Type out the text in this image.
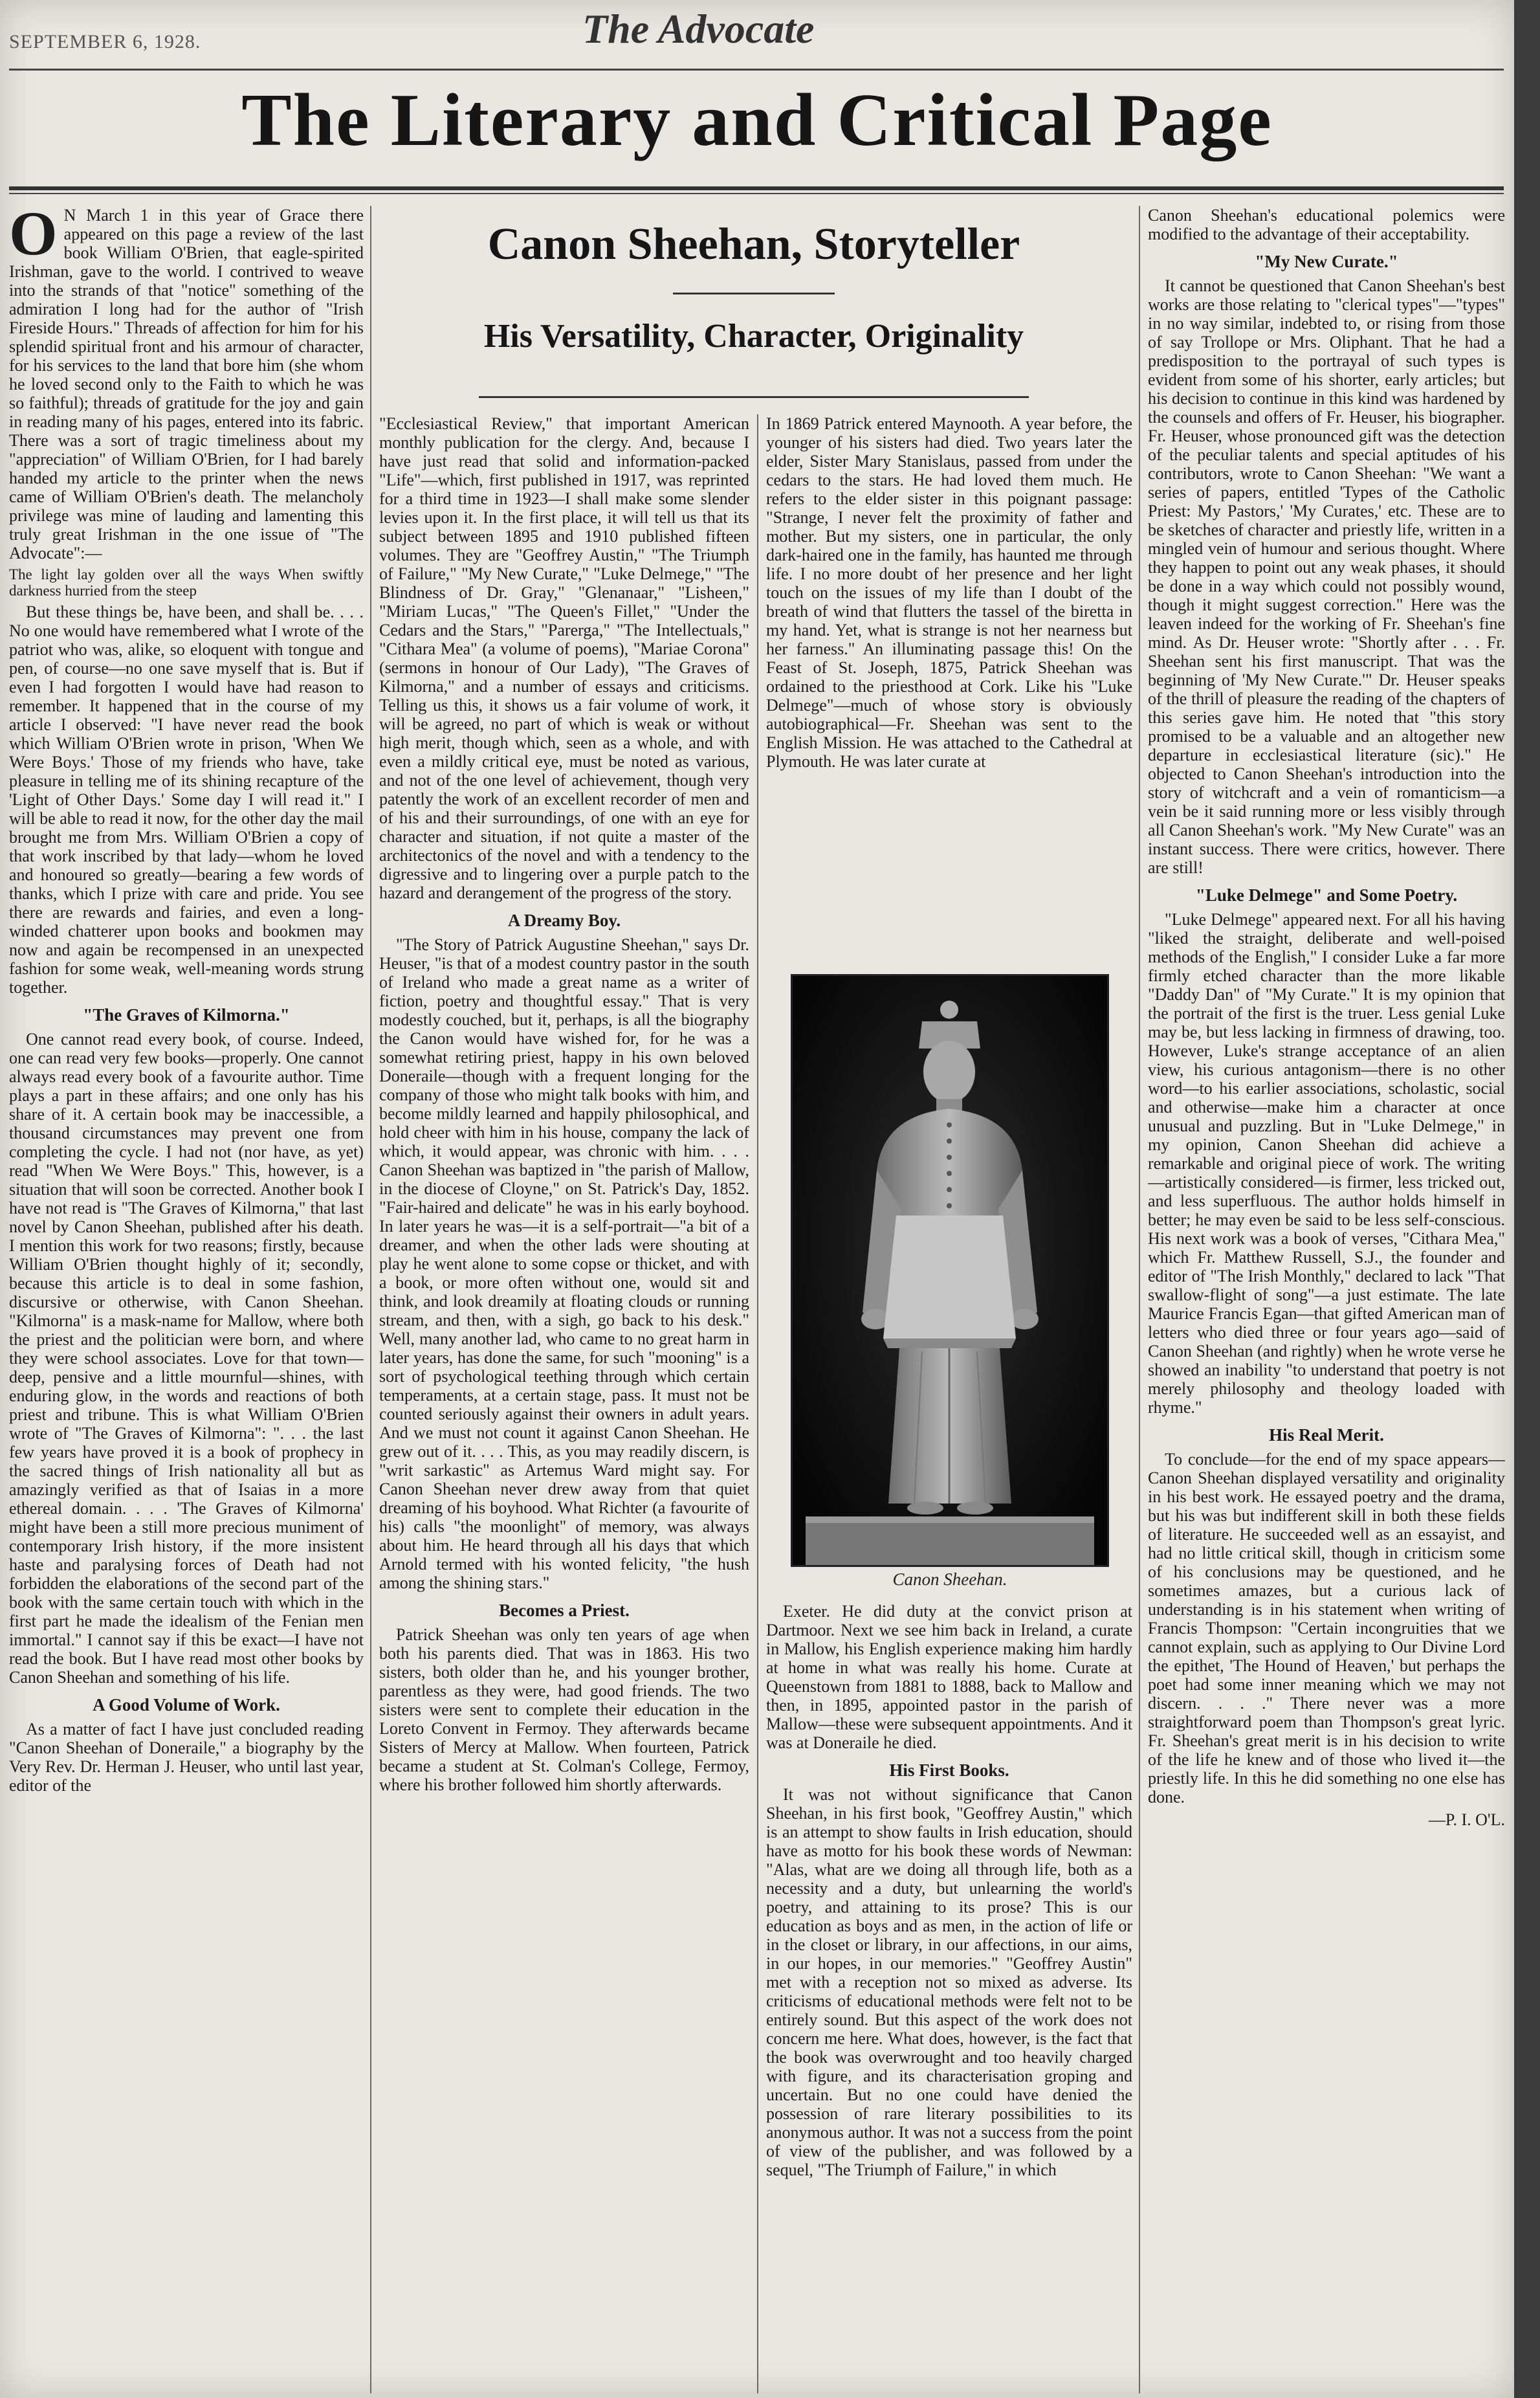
SEPTEMBER 6, 1928.	The Advocate
The Literary and Critical Page
Canon Sheehan, Storyteller
His Versatility, Character, Originality

O N March 1 in this year of Grace there appeared on this page a review of the last book William O'Brien, that eagle-spirited Irishman, gave to the world. I contrived to weave into the strands of that "notice" something of the admiration I long had for the author of "Irish Fireside Hours." Threads of affection for him for his splendid spiritual front and his armour of character, for his services to the land that bore him (she whom he loved second only to the Faith to which he was so faithful); threads of gratitude for the joy and gain in reading many of his pages, entered into its fabric. There was a sort of tragic timeliness about my "appreciation" of William O'Brien, for I had barely handed my article to the printer when the news came of William O'Brien's death. The melancholy privilege was mine of lauding and lamenting this truly great Irishman in the one issue of "The Advocate":—

The light lay golden over all the ways When swiftly darkness hurried from the steep

But these things be, have been, and shall be. . . . No one would have remembered what I wrote of the patriot who was, alike, so eloquent with tongue and pen, of course—no one save myself that is. But if even I had forgotten I would have had reason to remember. It happened that in the course of my article I observed: "I have never read the book which William O'Brien wrote in prison, 'When We Were Boys.' Those of my friends who have, take pleasure in telling me of its shining recapture of the 'Light of Other Days.' Some day I will read it." I will be able to read it now, for the other day the mail brought me from Mrs. William O'Brien a copy of that work inscribed by that lady—whom he loved and honoured so greatly—bearing a few words of thanks, which I prize with care and pride. You see there are rewards and fairies, and even a long-winded chatterer upon books and bookmen may now and again be recompensed in an unexpected fashion for some weak, well-meaning words strung together.

"The Graves of Kilmorna."

One cannot read every book, of course. Indeed, one can read very few books—properly. One cannot always read every book of a favourite author. Time plays a part in these affairs; and one only has his share of it. A certain book may be inaccessible, a thousand circumstances may prevent one from completing the cycle. I had not (nor have, as yet) read "When We Were Boys." This, however, is a situation that will soon be corrected. Another book I have not read is "The Graves of Kilmorna," that last novel by Canon Sheehan, published after his death. I mention this work for two reasons; firstly, because William O'Brien thought highly of it; secondly, because this article is to deal in some fashion, discursive or otherwise, with Canon Sheehan. "Kilmorna" is a mask-name for Mallow, where both the priest and the politician were born, and where they were school associates. Love for that town—deep, pensive and a little mournful—shines, with enduring glow, in the words and reactions of both priest and tribune. This is what William O'Brien wrote of "The Graves of Kilmorna": ". . . the last few years have proved it is a book of prophecy in the sacred things of Irish nationality all but as amazingly verified as that of Isaias in a more ethereal domain. . . . 'The Graves of Kilmorna' might have been a still more precious muniment of contemporary Irish history, if the more insistent haste and paralysing forces of Death had not forbidden the elaborations of the second part of the book with the same certain touch with which in the first part he made the idealism of the Fenian men immortal." I cannot say if this be exact—I have not read the book. But I have read most other books by Canon Sheehan and something of his life.

A Good Volume of Work.

As a matter of fact I have just concluded reading "Canon Sheehan of Doneraile," a biography by the Very Rev. Dr. Herman J. Heuser, who until last year, editor of the

"Ecclesiastical Review," that important American monthly publication for the clergy. And, because I have just read that solid and information-packed "Life"—which, first published in 1917, was reprinted for a third time in 1923—I shall make some slender levies upon it. In the first place, it will tell us that its subject between 1895 and 1910 published fifteen volumes. They are "Geoffrey Austin," "The Triumph of Failure," "My New Curate," "Luke Delmege," "The Blindness of Dr. Gray," "Glenanaar," "Lisheen," "Miriam Lucas," "The Queen's Fillet," "Under the Cedars and the Stars," "Parerga," "The Intellectuals," "Cithara Mea" (a volume of poems), "Mariae Corona" (sermons in honour of Our Lady), "The Graves of Kilmorna," and a number of essays and criticisms. Telling us this, it shows us a fair volume of work, it will be agreed, no part of which is weak or without high merit, though which, seen as a whole, and with even a mildly critical eye, must be noted as various, and not of the one level of achievement, though very patently the work of an excellent recorder of men and of his and their surroundings, of one with an eye for character and situation, if not quite a master of the architectonics of the novel and with a tendency to the digressive and to lingering over a purple patch to the hazard and derangement of the progress of the story.

A Dreamy Boy.

"The Story of Patrick Augustine Sheehan," says Dr. Heuser, "is that of a modest country pastor in the south of Ireland who made a great name as a writer of fiction, poetry and thoughtful essay." That is very modestly couched, but it, perhaps, is all the biography the Canon would have wished for, for he was a somewhat retiring priest, happy in his own beloved Doneraile—though with a frequent longing for the company of those who might talk books with him, and become mildly learned and happily philosophical, and hold cheer with him in his house, company the lack of which, it would appear, was chronic with him. . . . Canon Sheehan was baptized in "the parish of Mallow, in the diocese of Cloyne," on St. Patrick's Day, 1852. "Fair-haired and delicate" he was in his early boyhood. In later years he was—it is a self-portrait—"a bit of a dreamer, and when the other lads were shouting at play he went alone to some copse or thicket, and with a book, or more often without one, would sit and think, and look dreamily at floating clouds or running stream, and then, with a sigh, go back to his desk." Well, many another lad, who came to no great harm in later years, has done the same, for such "mooning" is a sort of psychological teething through which certain temperaments, at a certain stage, pass. It must not be counted seriously against their owners in adult years. And we must not count it against Canon Sheehan. He grew out of it. . . . This, as you may readily discern, is "writ sarkastic" as Artemus Ward might say. For Canon Sheehan never drew away from that quiet dreaming of his boyhood. What Richter (a favourite of his) calls "the moonlight" of memory, was always about him. He heard through all his days that which Arnold termed with his wonted felicity, "the hush among the shining stars."

Becomes a Priest.

Patrick Sheehan was only ten years of age when both his parents died. That was in 1863. His two sisters, both older than he, and his younger brother, parentless as they were, had good friends. The two sisters were sent to complete their education in the Loreto Convent in Fermoy. They afterwards became Sisters of Mercy at Mallow. When fourteen, Patrick became a student at St. Colman's College, Fermoy, where his brother followed him shortly afterwards.

In 1869 Patrick entered Maynooth. A year before, the younger of his sisters had died. Two years later the elder, Sister Mary Stanislaus, passed from under the cedars to the stars. He had loved them much. He refers to the elder sister in this poignant passage: "Strange, I never felt the proximity of father and mother. But my sisters, one in particular, the only dark-haired one in the family, has haunted me through life. I no more doubt of her presence and her light touch on the issues of my life than I doubt of the breath of wind that flutters the tassel of the biretta in my hand. Yet, what is strange is not her nearness but her farness." An illuminating passage this! On the Feast of St. Joseph, 1875, Patrick Sheehan was ordained to the priesthood at Cork. Like his "Luke Delmege"—much of whose story is obviously autobiographical—Fr. Sheehan was sent to the English Mission. He was attached to the Cathedral at Plymouth. He was later curate at

Canon Sheehan.

Exeter. He did duty at the convict prison at Dartmoor. Next we see him back in Ireland, a curate in Mallow, his English experience making him hardly at home in what was really his home. Curate at Queenstown from 1881 to 1888, back to Mallow and then, in 1895, appointed pastor in the parish of Mallow—these were subsequent appointments. And it was at Doneraile he died.

His First Books.

It was not without significance that Canon Sheehan, in his first book, "Geoffrey Austin," which is an attempt to show faults in Irish education, should have as motto for his book these words of Newman: "Alas, what are we doing all through life, both as a necessity and a duty, but unlearning the world's poetry, and attaining to its prose? This is our education as boys and as men, in the action of life or in the closet or library, in our affections, in our aims, in our hopes, in our memories." "Geoffrey Austin" met with a reception not so mixed as adverse. Its criticisms of educational methods were felt not to be entirely sound. But this aspect of the work does not concern me here. What does, however, is the fact that the book was overwrought and too heavily charged with figure, and its characterisation groping and uncertain. But no one could have denied the possession of rare literary possibilities to its anonymous author. It was not a success from the point of view of the publisher, and was followed by a sequel, "The Triumph of Failure," in which

Canon Sheehan's educational polemics were modified to the advantage of their acceptability.

"My New Curate."

It cannot be questioned that Canon Sheehan's best works are those relating to "clerical types"—"types" in no way similar, indebted to, or rising from those of say Trollope or Mrs. Oliphant. That he had a predisposition to the portrayal of such types is evident from some of his shorter, early articles; but his decision to continue in this kind was hardened by the counsels and offers of Fr. Heuser, his biographer. Fr. Heuser, whose pronounced gift was the detection of the peculiar talents and special aptitudes of his contributors, wrote to Canon Sheehan: "We want a series of papers, entitled 'Types of the Catholic Priest: My Pastors,' 'My Curates,' etc. These are to be sketches of character and priestly life, written in a mingled vein of humour and serious thought. Where they happen to point out any weak phases, it should be done in a way which could not possibly wound, though it might suggest correction." Here was the leaven indeed for the working of Fr. Sheehan's fine mind. As Dr. Heuser wrote: "Shortly after . . . Fr. Sheehan sent his first manuscript. That was the beginning of 'My New Curate.'" Dr. Heuser speaks of the thrill of pleasure the reading of the chapters of this series gave him. He noted that "this story promised to be a valuable and an altogether new departure in ecclesiastical literature (sic)." He objected to Canon Sheehan's introduction into the story of witchcraft and a vein of romanticism—a vein be it said running more or less visibly through all Canon Sheehan's work. "My New Curate" was an instant success. There were critics, however. There are still!

"Luke Delmege" and Some Poetry.

"Luke Delmege" appeared next. For all his having "liked the straight, deliberate and well-poised methods of the English," I consider Luke a far more firmly etched character than the more likable "Daddy Dan" of "My Curate." It is my opinion that the portrait of the first is the truer. Less genial Luke may be, but less lacking in firmness of drawing, too. However, Luke's strange acceptance of an alien view, his curious antagonism—there is no other word—to his earlier associations, scholastic, social and otherwise—make him a character at once unusual and puzzling. But in "Luke Delmege," in my opinion, Canon Sheehan did achieve a remarkable and original piece of work. The writing—artistically considered—is firmer, less tricked out, and less superfluous. The author holds himself in better; he may even be said to be less self-conscious. His next work was a book of verses, "Cithara Mea," which Fr. Matthew Russell, S.J., the founder and editor of "The Irish Monthly," declared to lack "That swallow-flight of song"—a just estimate. The late Maurice Francis Egan—that gifted American man of letters who died three or four years ago—said of Canon Sheehan (and rightly) when he wrote verse he showed an inability "to understand that poetry is not merely philosophy and theology loaded with rhyme."

His Real Merit.

To conclude—for the end of my space appears—Canon Sheehan displayed versatility and originality in his best work. He essayed poetry and the drama, but his was but indifferent skill in both these fields of literature. He succeeded well as an essayist, and had no little critical skill, though in criticism some of his conclusions may be questioned, and he sometimes amazes, but a curious lack of understanding is in his statement when writing of Francis Thompson: "Certain incongruities that we cannot explain, such as applying to Our Divine Lord the epithet, 'The Hound of Heaven,' but perhaps the poet had some inner meaning which we may not discern. . . ." There never was a more straightforward poem than Thompson's great lyric. Fr. Sheehan's great merit is in his decision to write of the life he knew and of those who lived it—the priestly life. In this he did something no one else has done.

—P. I. O'L.
